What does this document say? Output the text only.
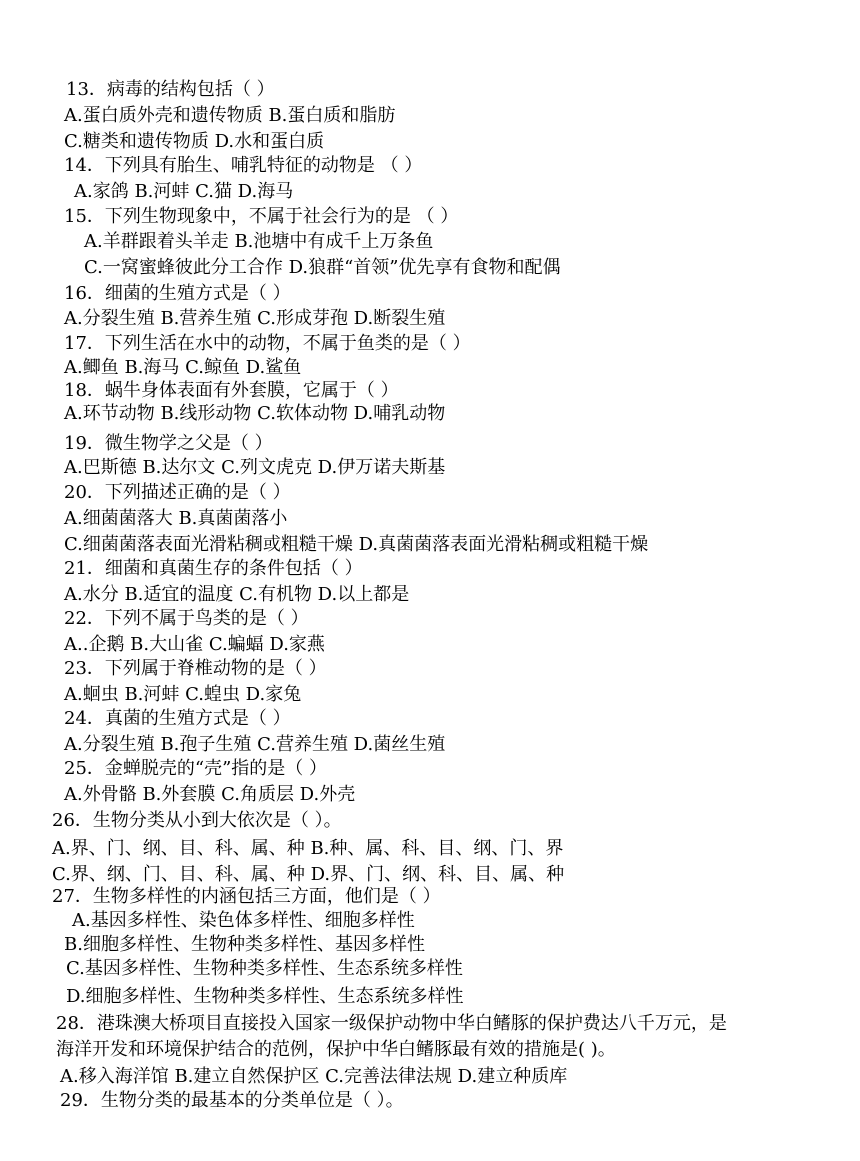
13．病毒的结构包括（ ）
A.蛋白质外壳和遗传物质 B.蛋白质和脂肪
C.糖类和遗传物质 D.水和蛋白质
14．下列具有胎生、哺乳特征的动物是 （ ）
A.家鸽 B.河蚌 C.猫 D.海马
15．下列生物现象中，不属于社会行为的是 （ ）
A.羊群跟着头羊走 B.池塘中有成千上万条鱼
C.一窝蜜蜂彼此分工合作 D.狼群“首领”优先享有食物和配偶
16．细菌的生殖方式是（ ）
A.分裂生殖 B.营养生殖 C.形成芽孢 D.断裂生殖
17．下列生活在水中的动物，不属于鱼类的是（ ）
A.鲫鱼 B.海马 C.鲸鱼 D.鲨鱼
18．蜗牛身体表面有外套膜，它属于（ ）
A.环节动物 B.线形动物 C.软体动物 D.哺乳动物
19．微生物学之父是（ ）
A.巴斯德 B.达尔文 C.列文虎克 D.伊万诺夫斯基
20．下列描述正确的是（ ）
A.细菌菌落大 B.真菌菌落小
C.细菌菌落表面光滑粘稠或粗糙干燥 D.真菌菌落表面光滑粘稠或粗糙干燥
21．细菌和真菌生存的条件包括（ ）
A.水分 B.适宜的温度 C.有机物 D.以上都是
22．下列不属于鸟类的是（ ）
A..企鹅 B.大山雀 C.蝙蝠 D.家燕
23．下列属于脊椎动物的是（ ）
A.蛔虫 B.河蚌 C.蝗虫 D.家兔
24．真菌的生殖方式是（ ）
A.分裂生殖 B.孢子生殖 C.营养生殖 D.菌丝生殖
25．金蝉脱壳的“壳”指的是（ ）
A.外骨骼 B.外套膜 C.角质层 D.外壳
26．生物分类从小到大依次是（ ）。
A.界、门、纲、目、科、属、种 B.种、属、科、目、纲、门、界
C.界、纲、门、目、科、属、种 D.界、门、纲、科、目、属、种
27．生物多样性的内涵包括三方面，他们是（ ）
A.基因多样性、染色体多样性、细胞多样性
B.细胞多样性、生物种类多样性、基因多样性
C.基因多样性、生物种类多样性、生态系统多样性
D.细胞多样性、生物种类多样性、生态系统多样性
28．港珠澳大桥项目直接投入国家一级保护动物中华白鳍豚的保护费达八千万元，是
海洋开发和环境保护结合的范例，保护中华白鳍豚最有效的措施是( )。
A.移入海洋馆 B.建立自然保护区 C.完善法律法规 D.建立种质库
29．生物分类的最基本的分类单位是（ ）。
